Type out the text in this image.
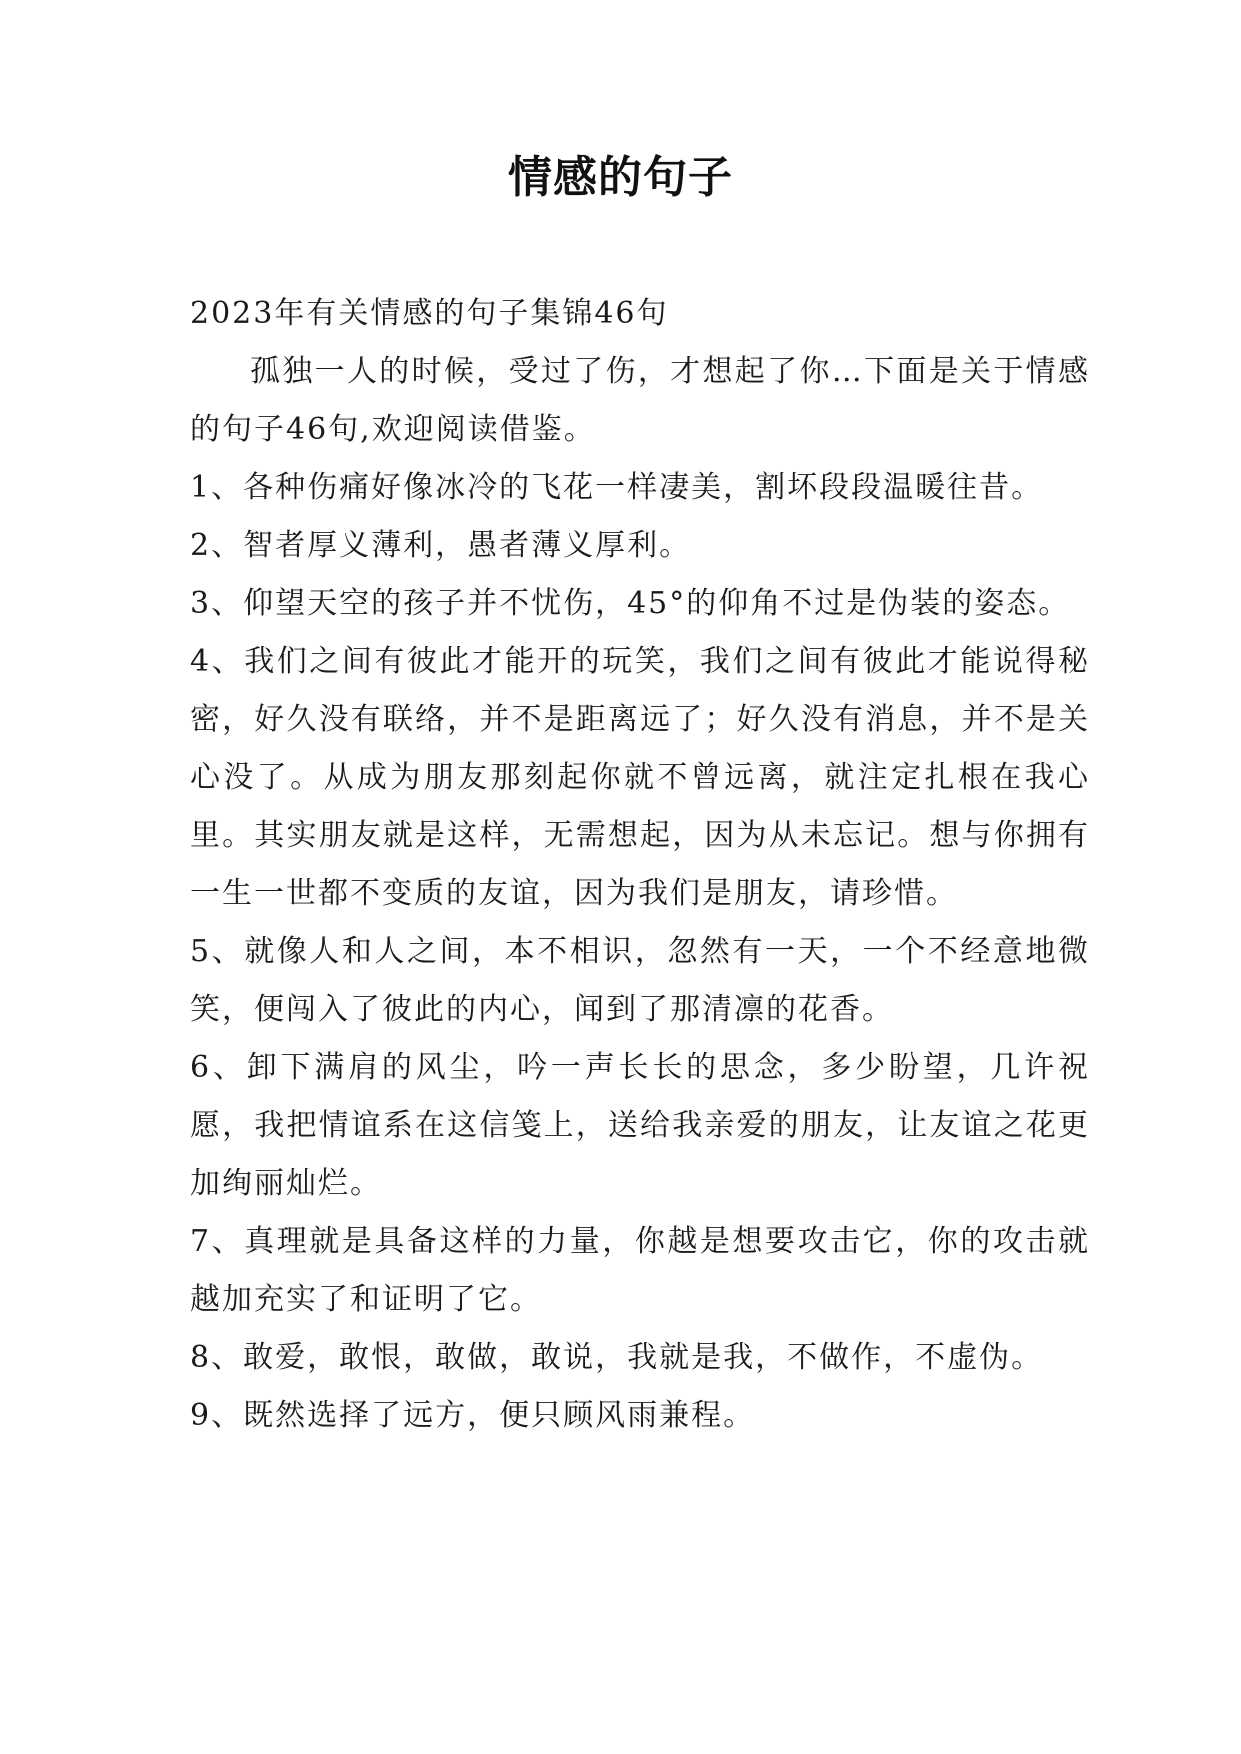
情感的句子

2023年有关情感的句子集锦46句

孤独一人的时候，受过了伤，才想起了你…下面是关于情感的句子46句,欢迎阅读借鉴。

1、各种伤痛好像冰冷的飞花一样凄美，割坏段段温暖往昔。

2、智者厚义薄利，愚者薄义厚利。

3、仰望天空的孩子并不忧伤，45°的仰角不过是伪装的姿态。

4、我们之间有彼此才能开的玩笑，我们之间有彼此才能说得秘密，好久没有联络，并不是距离远了；好久没有消息，并不是关心没了。从成为朋友那刻起你就不曾远离，就注定扎根在我心里。其实朋友就是这样，无需想起，因为从未忘记。想与你拥有一生一世都不变质的友谊，因为我们是朋友，请珍惜。

5、就像人和人之间，本不相识，忽然有一天，一个不经意地微笑，便闯入了彼此的内心，闻到了那清凛的花香。

6、卸下满肩的风尘，吟一声长长的思念，多少盼望，几许祝愿，我把情谊系在这信笺上，送给我亲爱的朋友，让友谊之花更加绚丽灿烂。

7、真理就是具备这样的力量，你越是想要攻击它，你的攻击就越加充实了和证明了它。

8、敢爱，敢恨，敢做，敢说，我就是我，不做作，不虚伪。

9、既然选择了远方，便只顾风雨兼程。
